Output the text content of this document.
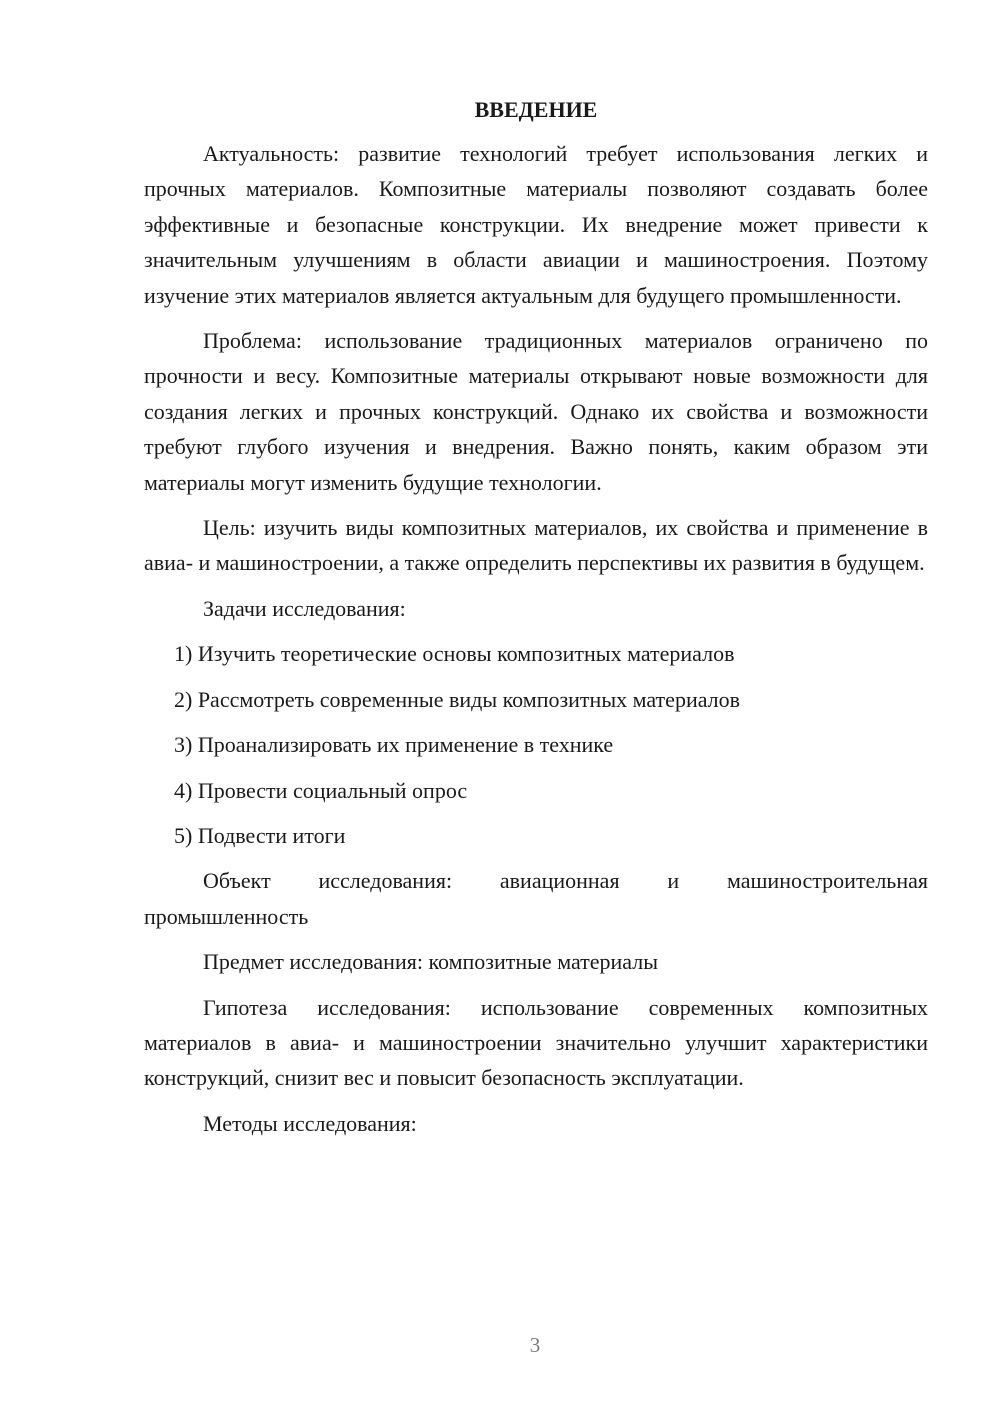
ВВЕДЕНИЕ

Актуальность: развитие технологий требует использования легких и прочных материалов. Композитные материалы позволяют создавать более эффективные и безопасные конструкции. Их внедрение может привести к значительным улучшениям в области авиации и машиностроения. Поэтому изучение этих материалов является актуальным для будущего промышленности.

Проблема: использование традиционных материалов ограничено по прочности и весу. Композитные материалы открывают новые возможности для создания легких и прочных конструкций. Однако их свойства и возможности требуют глубого изучения и внедрения. Важно понять, каким образом эти материалы могут изменить будущие технологии.

Цель: изучить виды композитных материалов, их свойства и применение в авиа- и машиностроении, а также определить перспективы их развития в будущем.

Задачи исследования:

1) Изучить теоретические основы композитных материалов

2) Рассмотреть современные виды композитных материалов

3) Проанализировать их применение в технике

4) Провести социальный опрос

5) Подвести итоги

Объект исследования: авиационная и машиностроительная промышленность

Предмет исследования: композитные материалы

Гипотеза исследования: использование современных композитных материалов в авиа- и машиностроении значительно улучшит характеристики конструкций, снизит вес и повысит безопасность эксплуатации.

Методы исследования:

3
